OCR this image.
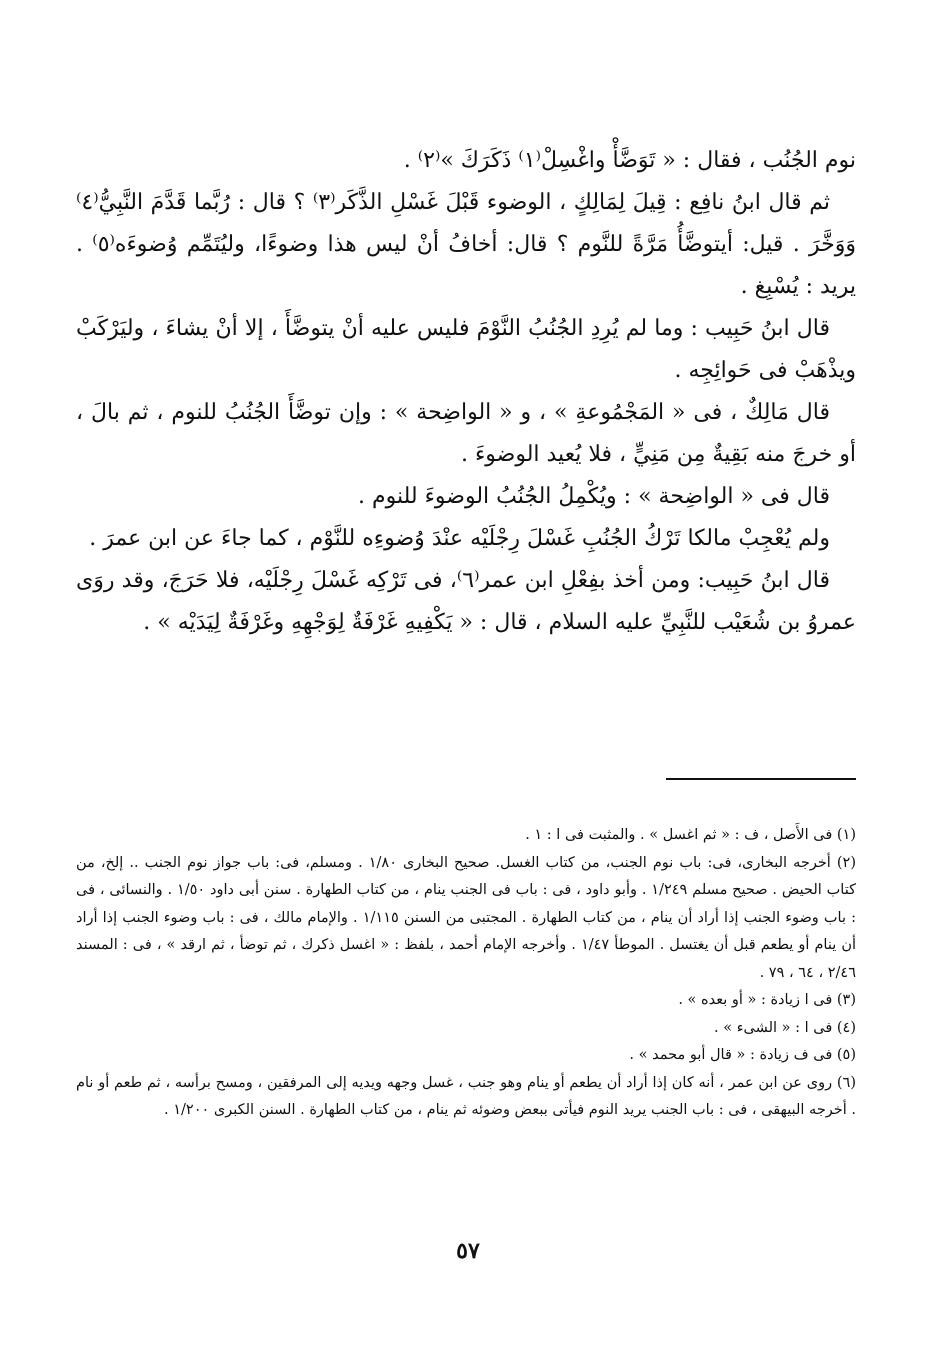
نوم الجُنُب ، فقال : « تَوَضَّأْ واغْسِلْ⁽١⁾ ذَكَرَكَ »⁽٢⁾ .

ثم قال ابنُ نافِع : قِيلَ لِمَالِكٍ ، الوضوء قَبْلَ غَسْلِ الذَّكَر⁽٣⁾ ؟ قال : رُبَّما قَدَّمَ النَّبِيُّ⁽٤⁾ وَوَخَّرَ . قيل: أيتوضَّأُ مَرَّةً للنَّوم ؟ قال: أخافُ أنْ ليس هذا وضوءًا، وليُتَمِّم وُضوءَه⁽٥⁾ . يريد : يُسْبِغ .

قال ابنُ حَبِيب : وما لم يُرِدِ الجُنُبُ النَّوْمَ فليس عليه أنْ يتوضَّأَ ، إلا أنْ يشاءَ ، وليَرْكَبْ ويذْهَبْ فى حَوائِجِه .

قال مَالِكٌ ، فى « المَجْمُوعةِ » ، و « الواضِحة » : وإن توضَّأَ الجُنُبُ للنوم ، ثم بالَ ، أو خرجَ منه بَقِيةٌ مِن مَنِيٍّ ، فلا يُعيد الوضوءَ .

قال فى « الواضِحة » : ويُكْمِلُ الجُنُبُ الوضوءَ للنوم .

ولم يُعْجِبْ مالكا تَرْكُ الجُنُبِ غَسْلَ رِجْلَيْه عنْدَ وُضوءِه للنَّوْم ، كما جاءَ عن ابن عمرَ .

قال ابنُ حَبِيب: ومن أخذ بفِعْلِ ابن عمر⁽٦⁾، فى تَرْكِه غَسْلَ رِجْلَيْه، فلا حَرَجَ، وقد روَى عمروُ بن شُعَيْب للنَّبِيِّ عليه السلام ، قال : « يَكْفِيهِ غَرْفَةٌ لِوَجْهِهِ وغَرْفَةٌ لِيَدَيْه » .

(١) فى الأَصل ، ف : « ثم اغسل » . والمثبت فى ا : ١ .

(٢) أخرجه البخارى، فى: باب نوم الجنب، من كتاب الغسل. صحيح البخارى ١/٨٠ . ومسلم، فى: باب جواز نوم الجنب .. إلخ، من كتاب الحيض . صحيح مسلم ١/٢٤٩ . وأبو داود ، فى : باب فى الجنب ينام ، من كتاب الطهارة . سنن أبى داود ١/٥٠ . والنسائى ، فى : باب وضوء الجنب إذا أراد أن ينام ، من كتاب الطهارة . المجتبى من السنن ١/١١٥ . والإمام مالك ، فى : باب وضوء الجنب إذا أراد أن ينام أو يطعم قبل أن يغتسل . الموطأ ١/٤٧ . وأخرجه الإمام أحمد ، بلفظ : « اغسل ذكرك ، ثم توضأ ، ثم ارقد » ، فى : المسند ٢/٤٦ ، ٦٤ ، ٧٩ .

(٣) فى ا زيادة : « أو بعده » .

(٤) فى ا : « الشىء » .

(٥) فى ف زيادة : « قال أبو محمد » .

(٦) روى عن ابن عمر ، أنه كان إذا أراد أن يطعم أو ينام وهو جنب ، غسل وجهه ويديه إلى المرفقين ، ومسح برأسه ، ثم طعم أو نام . أخرجه البيهقى ، فى : باب الجنب يريد النوم فيأتى ببعض وضوئه ثم ينام ، من كتاب الطهارة . السنن الكبرى ١/٢٠٠ .

٥٧
